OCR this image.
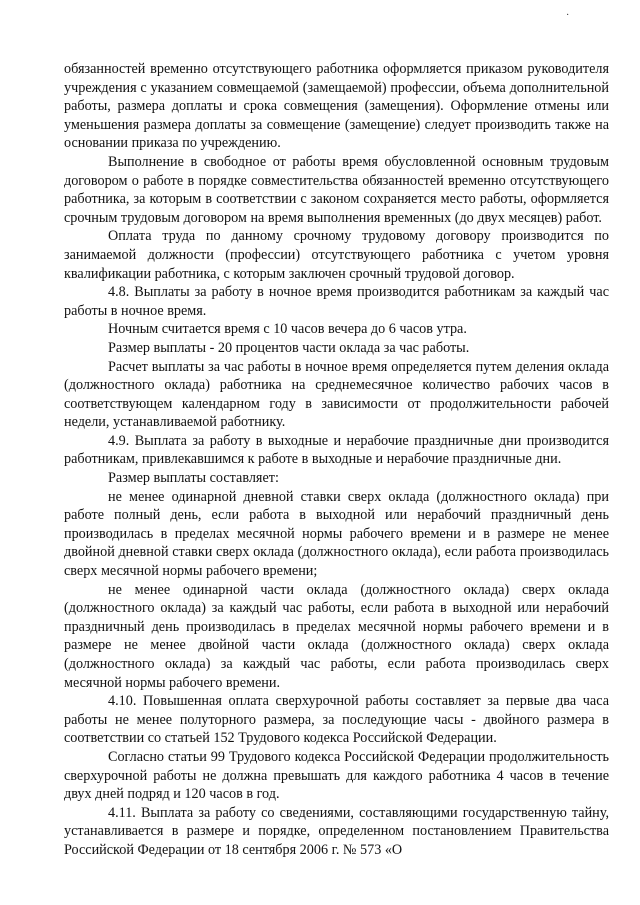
·

обязанностей временно отсутствующего работника оформляется приказом руководителя учреждения с указанием совмещаемой (замещаемой) профессии, объема дополнительной работы, размера доплаты и срока совмещения (замещения). Оформление отмены или уменьшения размера доплаты за совмещение (замещение) следует производить также на основании приказа по учреждению.

Выполнение в свободное от работы время обусловленной основным трудовым договором о работе в порядке совместительства обязанностей временно отсутствующего работника, за которым в соответствии с законом сохраняется место работы, оформляется срочным трудовым договором на время выполнения временных (до двух месяцев) работ.

Оплата труда по данному срочному трудовому договору производится по занимаемой должности (профессии) отсутствующего работника с учетом уровня квалификации работника, с которым заключен срочный трудовой договор.

4.8. Выплаты за работу в ночное время производится работникам за каждый час работы в ночное время.

Ночным считается время с 10 часов вечера до 6 часов утра.

Размер выплаты - 20 процентов части оклада за час работы.

Расчет выплаты за час работы в ночное время определяется путем деления оклада (должностного оклада) работника на среднемесячное количество рабочих часов в соответствующем календарном году в зависимости от продолжительности рабочей недели, устанавливаемой работнику.

4.9. Выплата за работу в выходные и нерабочие праздничные дни производится работникам, привлекавшимся к работе в выходные и нерабочие праздничные дни.

Размер выплаты составляет:

не менее одинарной дневной ставки сверх оклада (должностного оклада) при работе полный день, если работа в выходной или нерабочий праздничный день производилась в пределах месячной нормы рабочего времени и в размере не менее двойной дневной ставки сверх оклада (должностного оклада), если работа производилась сверх месячной нормы рабочего времени;

не менее одинарной части оклада (должностного оклада) сверх оклада (должностного оклада) за каждый час работы, если работа в выходной или нерабочий праздничный день производилась в пределах месячной нормы рабочего времени и в размере не менее двойной части оклада (должностного оклада) сверх оклада (должностного оклада) за каждый час работы, если работа производилась сверх месячной нормы рабочего времени.

4.10. Повышенная оплата сверхурочной работы составляет за первые два часа работы не менее полуторного размера, за последующие часы - двойного размера в соответствии со статьей 152 Трудового кодекса Российской Федерации.

Согласно статьи 99 Трудового кодекса Российской Федерации продолжительность сверхурочной работы не должна превышать для каждого работника 4 часов в течение двух дней подряд и 120 часов в год.

4.11. Выплата за работу со сведениями, составляющими государственную тайну, устанавливается в размере и порядке, определенном постановлением Правительства Российской Федерации от 18 сентября 2006 г. № 573 «О
